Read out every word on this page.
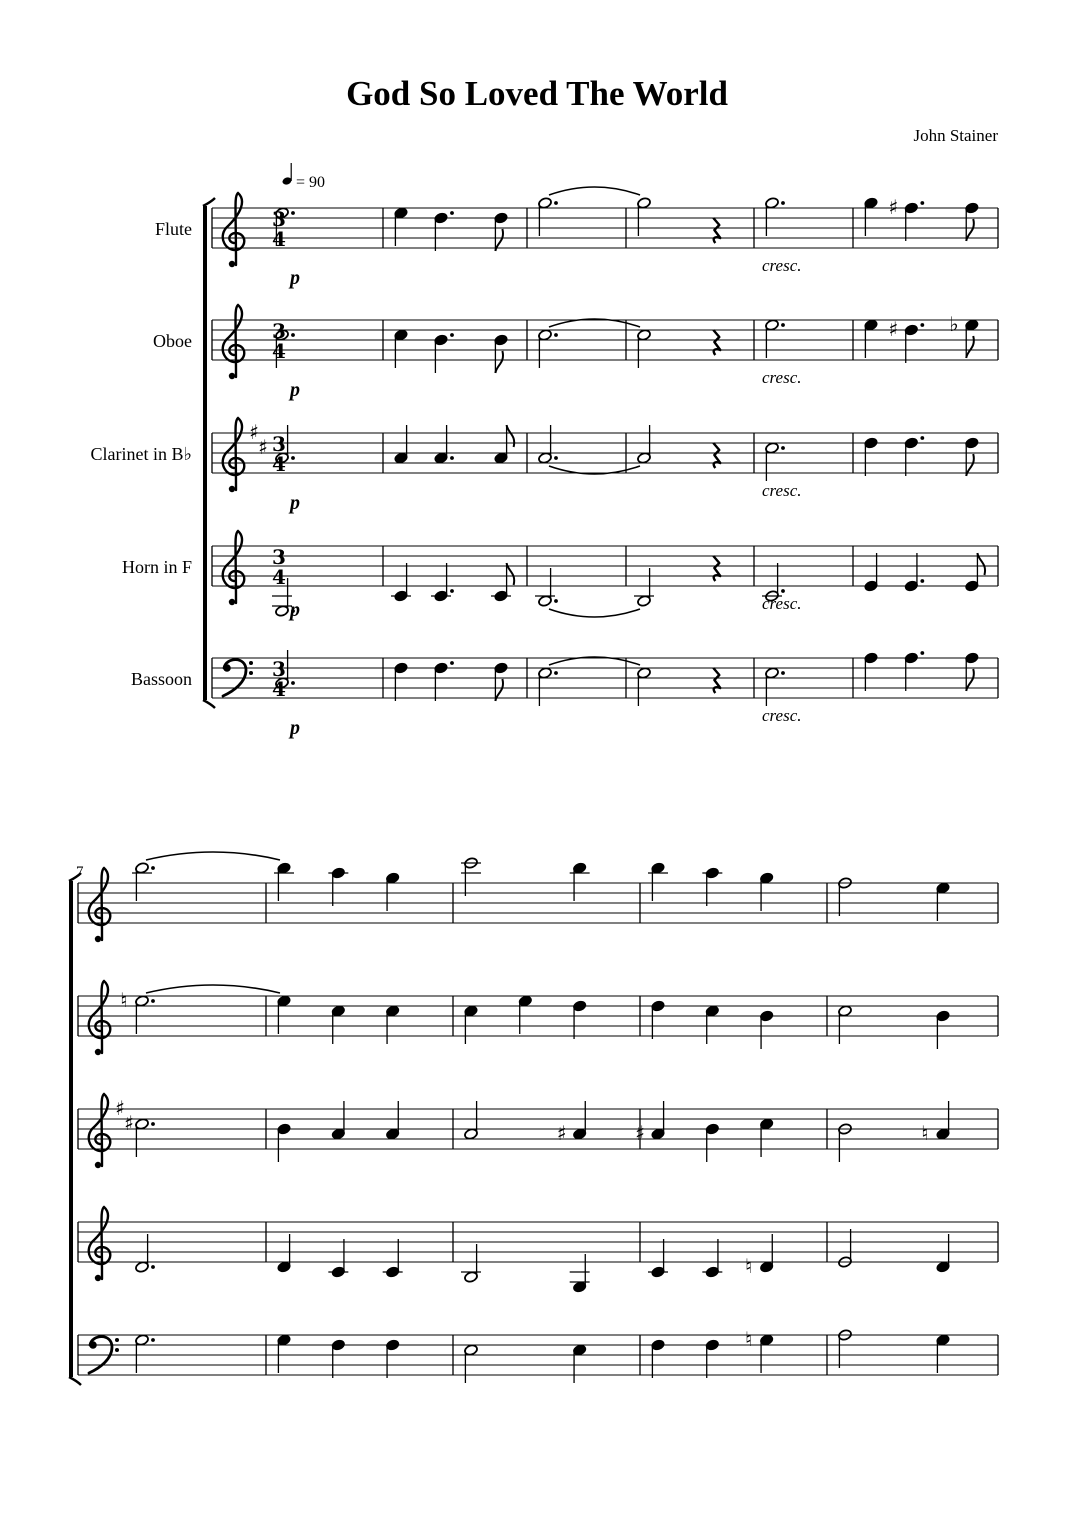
God So Loved The World
John Stainer
Flute	3
4
♯
p
cresc.
Oboe	3
4
♯	♭
p
cresc.
Clarinet in B♭
♯
♯ 3
4
p
cresc.
Horn in F	3
4
p	cresc.
Bassoon	3
4
p
cresc.
= 90
7
♮
♯
♯	♯	♯	♮
♮
♮
